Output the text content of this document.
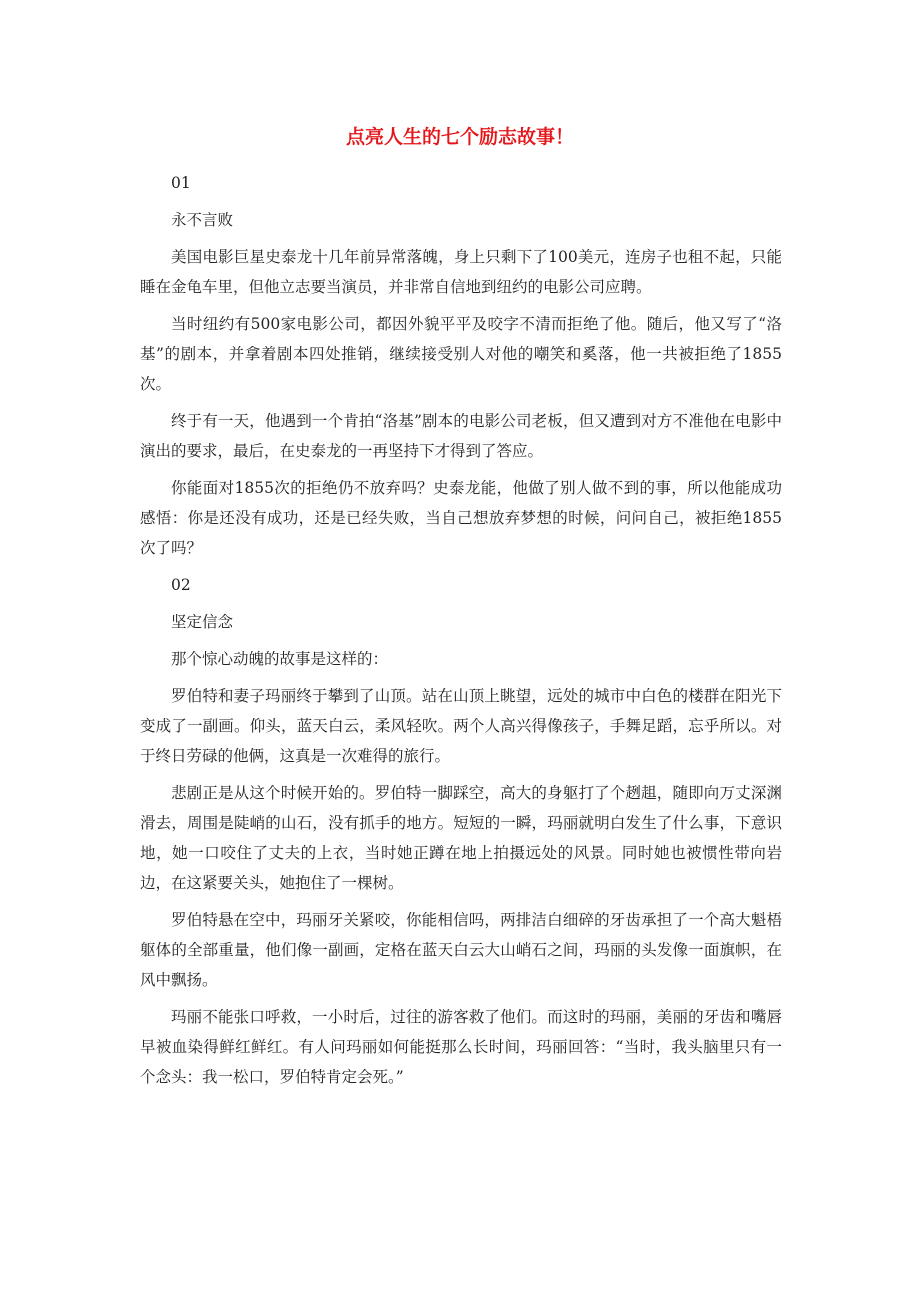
点亮人生的七个励志故事！

01

永不言败

美国电影巨星史泰龙十几年前异常落魄，身上只剩下了100美元，连房子也租不起，只能睡在金龟车里，但他立志要当演员，并非常自信地到纽约的电影公司应聘。

当时纽约有500家电影公司，都因外貌平平及咬字不清而拒绝了他。随后，他又写了“洛基”的剧本，并拿着剧本四处推销，继续接受别人对他的嘲笑和奚落，他一共被拒绝了1855次。

终于有一天，他遇到一个肯拍“洛基”剧本的电影公司老板，但又遭到对方不准他在电影中演出的要求，最后，在史泰龙的一再坚持下才得到了答应。

你能面对1855次的拒绝仍不放弃吗？史泰龙能，他做了别人做不到的事，所以他能成功感悟：你是还没有成功，还是已经失败，当自己想放弃梦想的时候，问问自己，被拒绝1855次了吗？

02

坚定信念

那个惊心动魄的故事是这样的：

罗伯特和妻子玛丽终于攀到了山顶。站在山顶上眺望，远处的城市中白色的楼群在阳光下变成了一副画。仰头，蓝天白云，柔风轻吹。两个人高兴得像孩子，手舞足蹈，忘乎所以。对于终日劳碌的他俩，这真是一次难得的旅行。

悲剧正是从这个时候开始的。罗伯特一脚踩空，高大的身躯打了个趔趄，随即向万丈深渊滑去，周围是陡峭的山石，没有抓手的地方。短短的一瞬，玛丽就明白发生了什么事，下意识地，她一口咬住了丈夫的上衣，当时她正蹲在地上拍摄远处的风景。同时她也被惯性带向岩边，在这紧要关头，她抱住了一棵树。

罗伯特悬在空中，玛丽牙关紧咬，你能相信吗，两排洁白细碎的牙齿承担了一个高大魁梧躯体的全部重量，他们像一副画，定格在蓝天白云大山峭石之间，玛丽的头发像一面旗帜，在风中飘扬。

玛丽不能张口呼救，一小时后，过往的游客救了他们。而这时的玛丽，美丽的牙齿和嘴唇早被血染得鲜红鲜红。有人问玛丽如何能挺那么长时间，玛丽回答：“当时，我头脑里只有一个念头：我一松口，罗伯特肯定会死。”
